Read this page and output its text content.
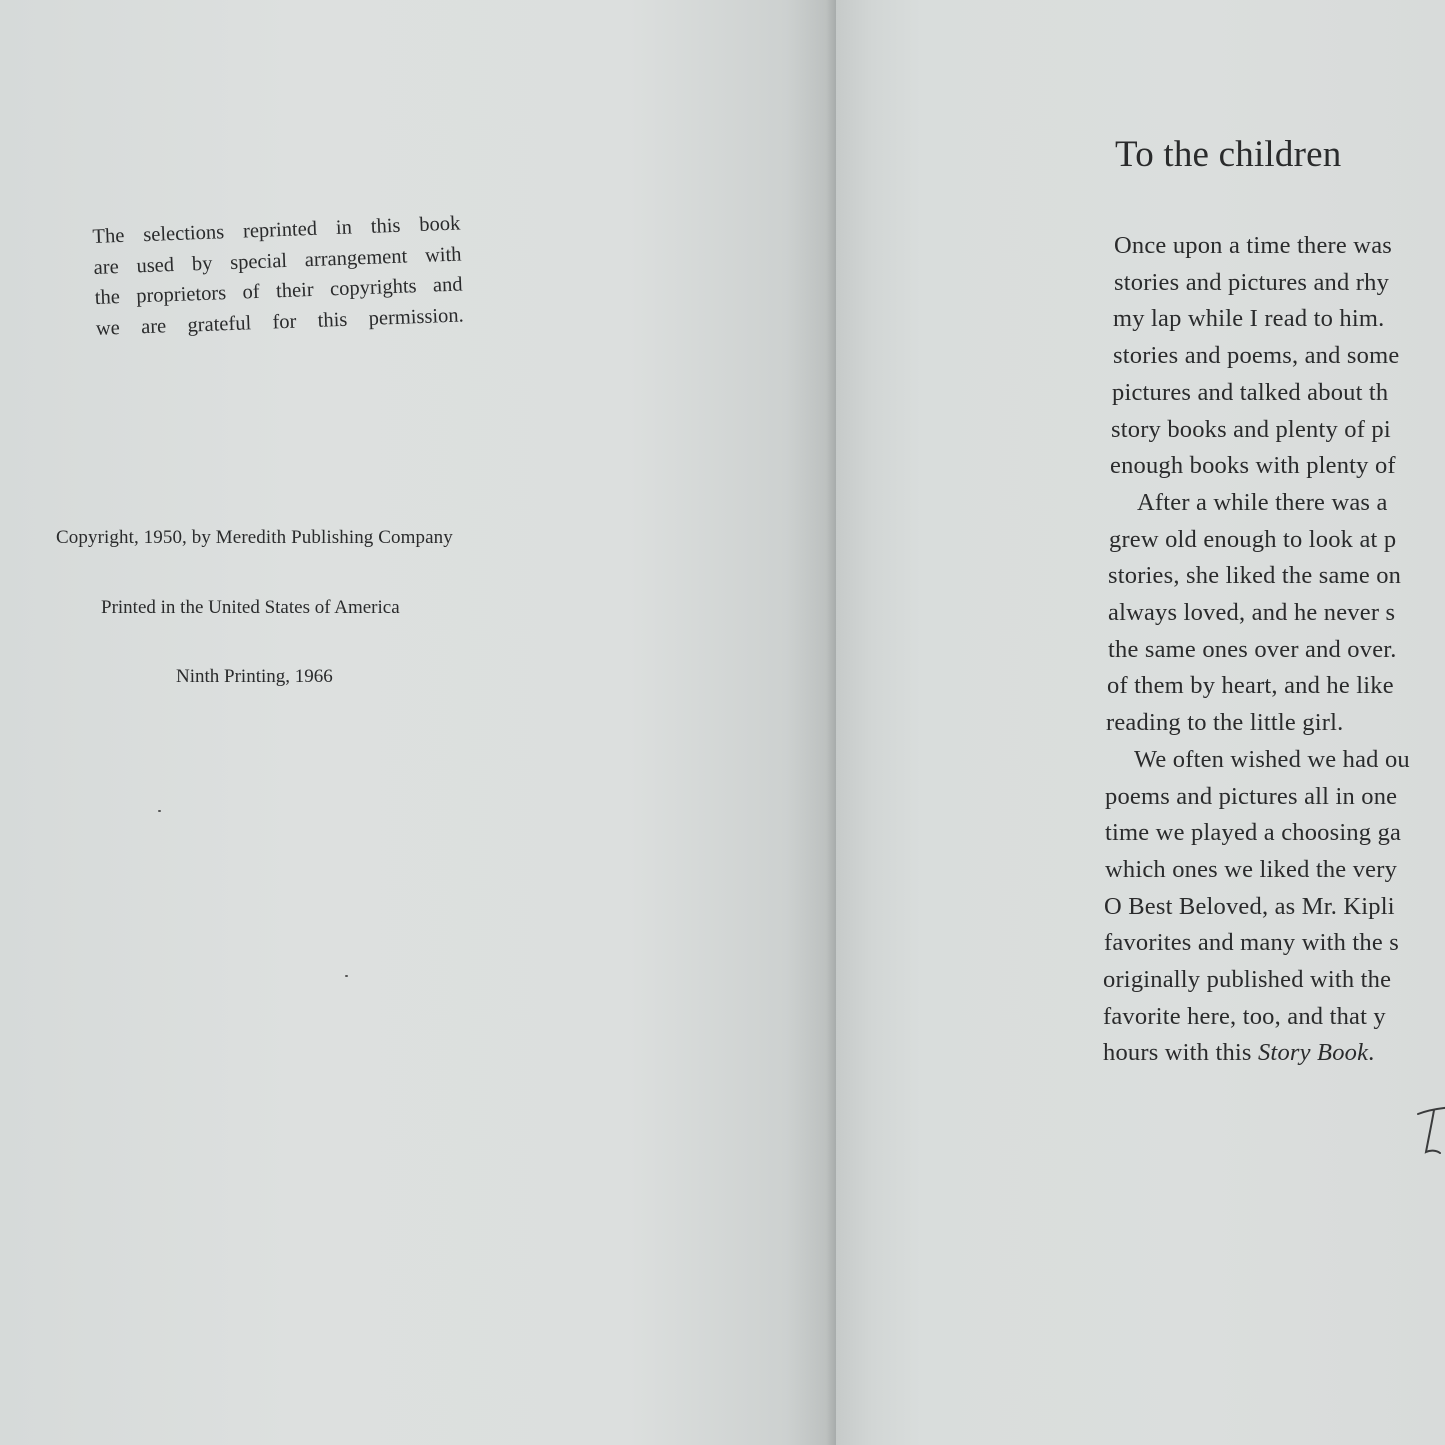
The selections reprinted in this book
are used by special arrangement with
the proprietors of their copyrights and
we are grateful for this permission.

Copyright, 1950, by Meredith Publishing Company

Printed in the United States of America

Ninth Printing, 1966

To the children

Once upon a time there was

stories and pictures and rhy

my lap while I read to him.

stories and poems, and some

pictures and talked about th

story books and plenty of pi

enough books with plenty of

After a while there was a

grew old enough to look at p

stories, she liked the same on

always loved, and he never s

the same ones over and over.

of them by heart, and he like

reading to the little girl.

We often wished we had ou

poems and pictures all in one

time we played a choosing ga

which ones we liked the very

O Best Beloved, as Mr. Kipli

favorites and many with the s

originally published with the

favorite here, too, and that y

hours with this Story Book.
